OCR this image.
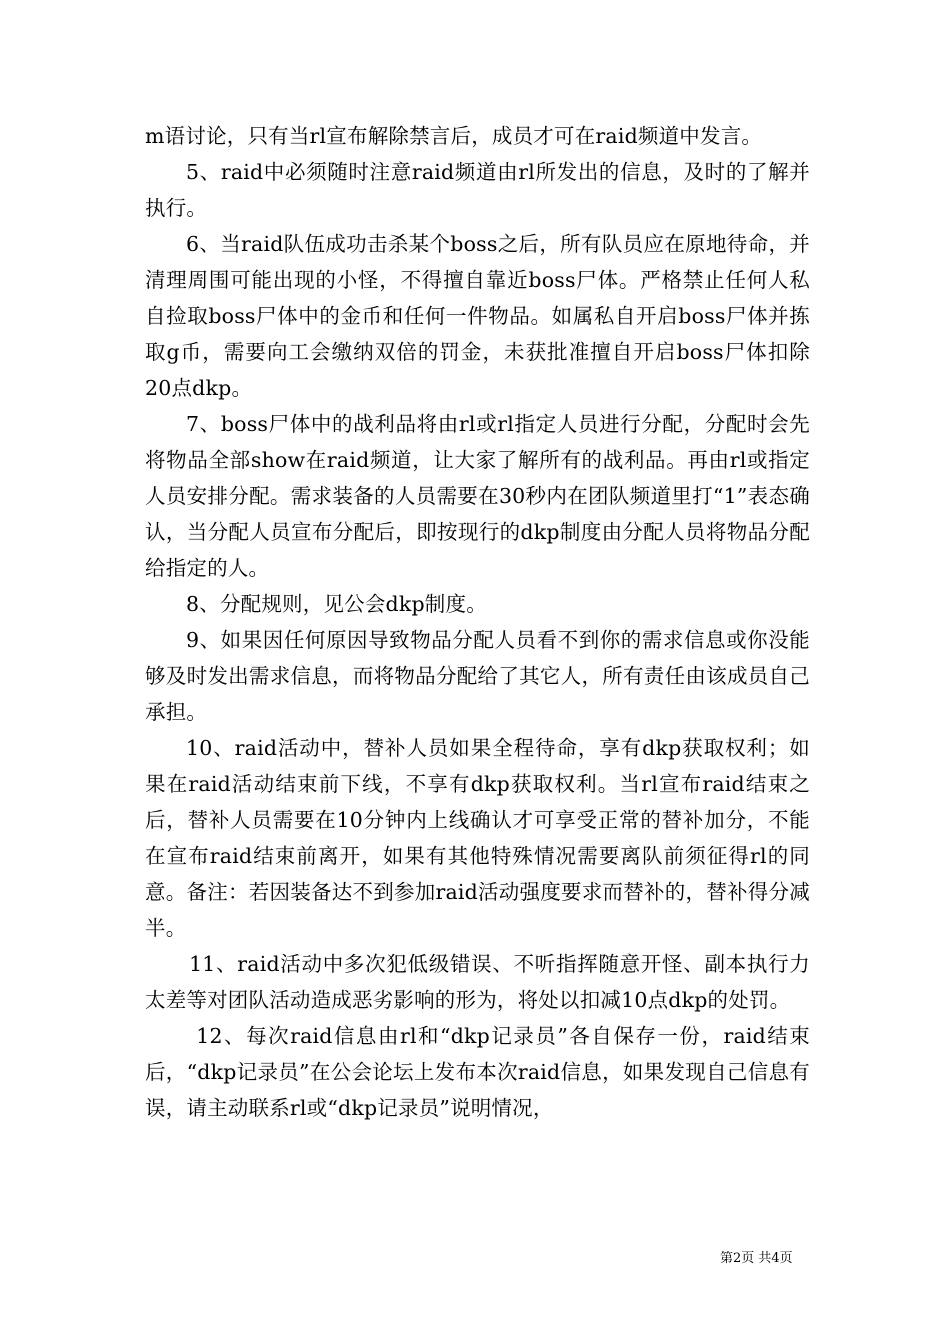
m语讨论，只有当rl宣布解除禁言后，成员才可在raid频道中发言。

5、raid中必须随时注意raid频道由rl所发出的信息，及时的了解并执行。

6、当raid队伍成功击杀某个boss之后，所有队员应在原地待命，并清理周围可能出现的小怪，不得擅自靠近boss尸体。严格禁止任何人私自捡取boss尸体中的金币和任何一件物品。如属私自开启boss尸体并拣取g币，需要向工会缴纳双倍的罚金，未获批准擅自开启boss尸体扣除20点dkp。

7、boss尸体中的战利品将由rl或rl指定人员进行分配，分配时会先将物品全部show在raid频道，让大家了解所有的战利品。再由rl或指定人员安排分配。需求装备的人员需要在30秒内在团队频道里打“1”表态确认，当分配人员宣布分配后，即按现行的dkp制度由分配人员将物品分配给指定的人。

8、分配规则，见公会dkp制度。

9、如果因任何原因导致物品分配人员看不到你的需求信息或你没能够及时发出需求信息，而将物品分配给了其它人，所有责任由该成员自己承担。

10、raid活动中，替补人员如果全程待命，享有dkp获取权利；如果在raid活动结束前下线，不享有dkp获取权利。当rl宣布raid结束之后，替补人员需要在10分钟内上线确认才可享受正常的替补加分，不能在宣布raid结束前离开，如果有其他特殊情况需要离队前须征得rl的同意。备注：若因装备达不到参加raid活动强度要求而替补的，替补得分减半。

11、raid活动中多次犯低级错误、不听指挥随意开怪、副本执行力太差等对团队活动造成恶劣影响的形为，将处以扣减10点dkp的处罚。

12、每次raid信息由rl和“dkp记录员”各自保存一份，raid结束后，“dkp记录员”在公会论坛上发布本次raid信息，如果发现自己信息有误，请主动联系rl或“dkp记录员”说明情况，

第2页 共4页
